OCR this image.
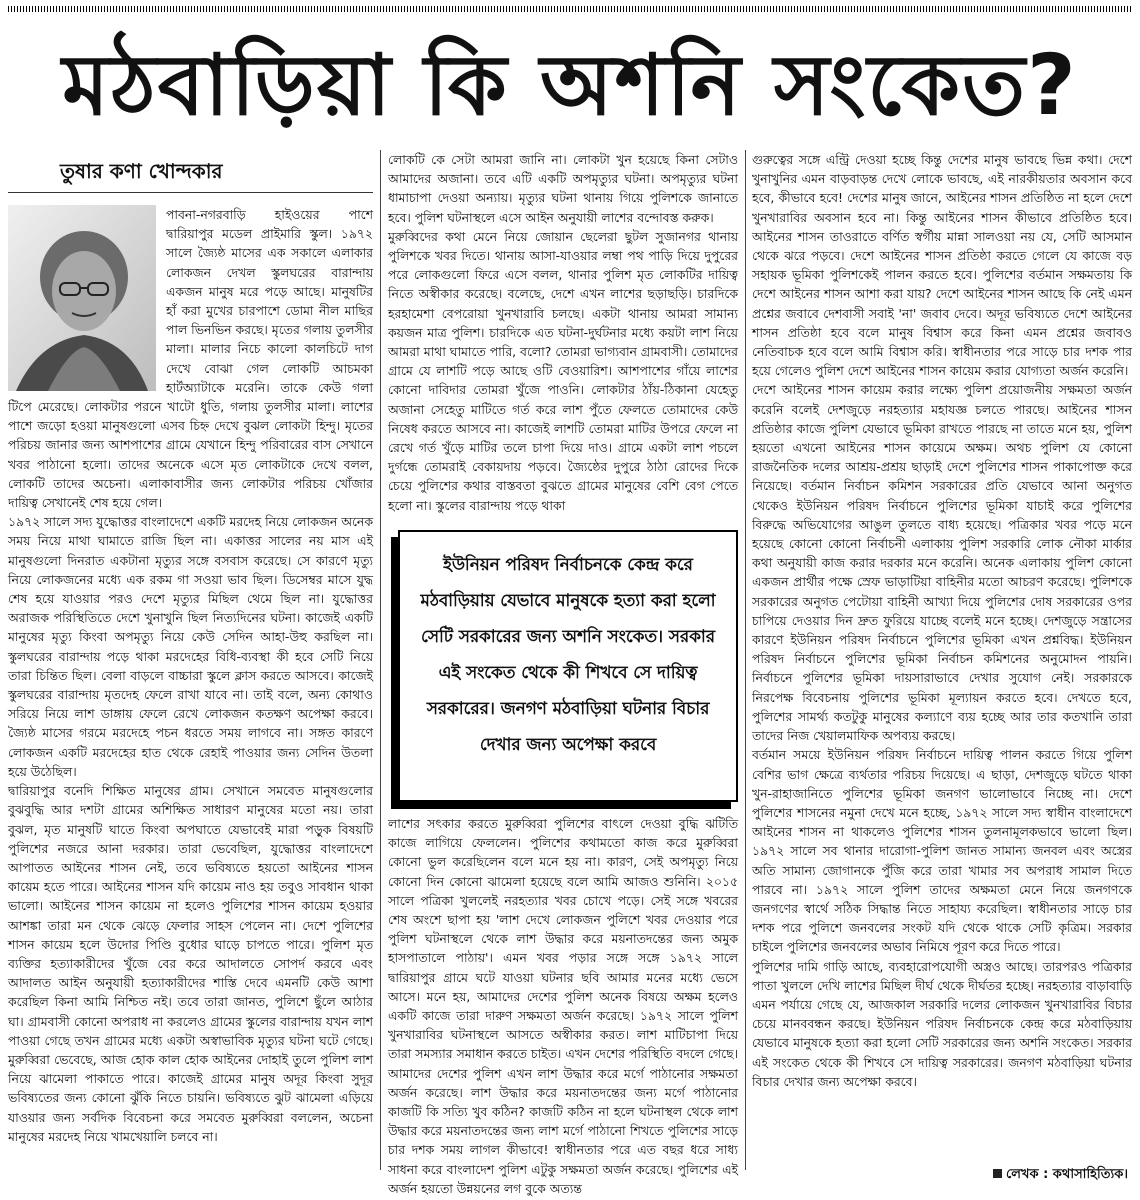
মঠবাড়িয়া কি অশনি সংকেত?
তুষার কণা খোন্দকার

পাবনা-নগরবাড়ি হাইওয়ের পাশে দ্বারিয়াপুর মডেল প্রাইমারি স্কুল। ১৯৭২ সালে জ্যৈষ্ঠ মাসের এক সকালে এলাকার লোকজন দেখল স্কুলঘরের বারান্দায় একজন মানুষ মরে পড়ে আছে। মানুষটির হাঁ করা মুখের চারপাশে ডোমা নীল মাছির পাল ভিনভিন করছে। মৃতের গলায় তুলসীর মালা। মালার নিচে কালো কালচিটে দাগ দেখে বোঝা গেল লোকটি আচমকা হার্টঅ্যাটাকে মরেনি। তাকে কেউ গলা টিপে মেরেছে। লোকটার পরনে খাটো ধুতি, গলায় তুলসীর মালা। লাশের পাশে জড়ো হওয়া মানুষগুলো এসব চিহ্ন দেখে বুঝল লোকটা হিন্দু। মৃতের পরিচয় জানার জন্য আশপাশের গ্রামে যেখানে হিন্দু পরিবারের বাস সেখানে খবর পাঠানো হলো। তাদের অনেকে এসে মৃত লোকটাকে দেখে বলল, লোকটি তাদের অচেনা। এলাকাবাসীর জন্য লোকটার পরিচয় খোঁজার দায়িত্ব সেখানেই শেষ হয়ে গেল।

১৯৭২ সালে সদ্য যুদ্ধোত্তর বাংলাদেশে একটি মরদেহ নিয়ে লোকজন অনেক সময় নিয়ে মাথা ঘামাতে রাজি ছিল না। একাত্তর সালের নয় মাস এই মানুষগুলো দিনরাত একটানা মৃত্যুর সঙ্গে বসবাস করেছে। সে কারণে মৃত্যু নিয়ে লোকজনের মধ্যে এক রকম গা সওয়া ভাব ছিল। ডিসেম্বর মাসে যুদ্ধ শেষ হয়ে যাওয়ার পরও দেশে মৃত্যুর মিছিল থেমে ছিল না। যুদ্ধোত্তর অরাজক পরিস্থিতিতে দেশে খুনাখুনি ছিল নিত্যদিনের ঘটনা। কাজেই একটি মানুষের মৃত্যু কিংবা অপমৃত্যু নিয়ে কেউ সেদিন আহা-উহু করছিল না। স্কুলঘরের বারান্দায় পড়ে থাকা মরদেহের বিধি-ব্যবস্থা কী হবে সেটি নিয়ে তারা চিন্তিত ছিল। বেলা বাড়লে বাচ্চারা স্কুলে ক্লাস করতে আসবে। কাজেই স্কুলঘরের বারান্দায় মৃতদেহ ফেলে রাখা যাবে না। তাই বলে, অন্য কোথাও সরিয়ে নিয়ে লাশ ডাঙ্গায় ফেলে রেখে লোকজন কতক্ষণ অপেক্ষা করবে। জ্যৈষ্ঠ মাসের গরমে মরদেহে পচন ধরতে সময় লাগবে না। সঙ্গত কারণে লোকজন একটি মরদেহের হাত থেকে রেহাই পাওয়ার জন্য সেদিন উতলা হয়ে উঠেছিল।

দ্বারিয়াপুর বনেদি শিক্ষিত মানুষের গ্রাম। সেখানে সমবেত মানুষগুলোর বুঝবুদ্ধি আর দশটা গ্রামের অশিক্ষিত সাধারণ মানুষের মতো নয়। তারা বুঝল, মৃত মানুষটি ঘাতে কিংবা অপঘাতে যেভাবেই মারা পড়ুক বিষয়টি পুলিশের নজরে আনা দরকার। তারা ভেবেছিল, যুদ্ধোত্তর বাংলাদেশে আপাতত আইনের শাসন নেই, তবে ভবিষ্যতে হয়তো আইনের শাসন কায়েম হতে পারে। আইনের শাসন যদি কায়েম নাও হয় তবুও সাবধান থাকা ভালো। আইনের শাসন কায়েম না হলেও পুলিশের শাসন কায়েম হওয়ার আশঙ্কা তারা মন থেকে ঝেড়ে ফেলার সাহস পেলেন না। দেশে পুলিশের শাসন কায়েম হলে উদোর পিণ্ডি বুধোর ঘাড়ে চাপতে পারে। পুলিশ মৃত ব্যক্তির হত্যাকারীদের খুঁজে বের করে আদালতে সোপর্দ করবে এবং আদালত আইন অনুযায়ী হত্যাকারীদের শাস্তি দেবে এমনটি কেউ আশা করেছিল কিনা আমি নিশ্চিত নই। তবে তারা জানত, পুলিশে ছুঁলে আঠার ঘা। গ্রামবাসী কোনো অপরাধ না করলেও গ্রামের স্কুলের বারান্দায় যখন লাশ পাওয়া গেছে তখন গ্রামের মধ্যে একটা অস্বাভাবিক মৃত্যুর ঘটনা ঘটে গেছে। মুরুব্বিরা ভেবেছে, আজ হোক কাল হোক আইনের দোহাই তুলে পুলিশ লাশ নিয়ে ঝামেলা পাকাতে পারে। কাজেই গ্রামের মানুষ অদূর কিংবা সুদূর ভবিষ্যতের জন্য কোনো ঝুঁকি নিতে চায়নি। ভবিষ্যতে ঝুট ঝামেলা এড়িয়ে যাওয়ার জন্য সর্বদিক বিবেচনা করে সমবেত মুরুব্বিরা বললেন, অচেনা মানুষের মরদেহ নিয়ে খামখেয়ালি চলবে না।

লোকটি কে সেটা আমরা জানি না। লোকটা খুন হয়েছে কিনা সেটাও আমাদের অজানা। তবে এটি একটি অপমৃত্যুর ঘটনা। অপমৃত্যুর ঘটনা ধামাচাপা দেওয়া অন্যায়। মৃত্যুর ঘটনা থানায় গিয়ে পুলিশকে জানাতে হবে। পুলিশ ঘটনাস্থলে এসে আইন অনুযায়ী লাশের বন্দোবস্ত করুক।

মুরুব্বিদের কথা মেনে নিয়ে জোয়ান ছেলেরা ছুটল সুজানগর থানায় পুলিশকে খবর দিতে। থানায় আসা-যাওয়ার লম্বা পথ পাড়ি দিয়ে দুপুরের পরে লোকগুলো ফিরে এসে বলল, থানার পুলিশ মৃত লোকটির দায়িত্ব নিতে অস্বীকার করেছে। বলেছে, দেশে এখন লাশের ছড়াছড়ি। চারদিকে হরহামেশা বেপরোয়া খুনখারাবি চলছে। একটা থানায় আমরা সামান্য কয়জন মাত্র পুলিশ। চারদিকে এত ঘটনা-দুর্ঘটনার মধ্যে কয়টা লাশ নিয়ে আমরা মাথা ঘামাতে পারি, বলো? তোমরা ভাগ্যবান গ্রামবাসী। তোমাদের গ্রামে যে লাশটি পড়ে আছে ওটি বেওয়ারিশ। আশপাশের গাঁয়ে লাশের কোনো দাবিদার তোমরা খুঁজে পাওনি। লোকটার ঠাঁয়-ঠিকানা যেহেতু অজানা সেহেতু মাটিতে গর্ত করে লাশ পুঁতে ফেলতে তোমাদের কেউ নিষেধ করতে আসবে না। কাজেই লাশটি তোমরা মাটির উপরে ফেলে না রেখে গর্ত খুঁড়ে মাটির তলে চাপা দিয়ে দাও। গ্রামে একটা লাশ পচলে দুর্গন্ধে তোমরাই বেকায়দায় পড়বে। জ্যৈষ্ঠের দুপুরে ঠাঠা রোদের দিকে চেয়ে পুলিশের কথার বাস্তবতা বুঝতে গ্রামের মানুষের বেশি বেগ পেতে হলো না। স্কুলের বারান্দায় পড়ে থাকা

লাশের সৎকার করতে মুরুব্বিরা পুলিশের বাৎলে দেওয়া বুদ্ধি ঝটিতি কাজে লাগিয়ে ফেললেন। পুলিশের কথামতো কাজ করে মুরুব্বিরা কোনো ভুল করেছিলেন বলে মনে হয় না। কারণ, সেই অপমৃত্যু নিয়ে কোনো দিন কোনো ঝামেলা হয়েছে বলে আমি আজও শুনিনি। ২০১৫ সালে পত্রিকা খুললেই নরহত্যার খবর চোখে পড়ে। সেই সঙ্গে খবরের শেষ অংশে ছাপা হয় 'লাশ দেখে লোকজন পুলিশে খবর দেওয়ার পরে পুলিশ ঘটনাস্থলে থেকে লাশ উদ্ধার করে ময়নাতদন্তের জন্য অমুক হাসপাতালে পাঠায়'। এমন খবর পড়ার সঙ্গে সঙ্গে ১৯৭২ সালে দ্বারিয়াপুর গ্রামে ঘটে যাওয়া ঘটনার ছবি আমার মনের মধ্যে ভেসে আসে। মনে হয়, আমাদের দেশের পুলিশ অনেক বিষয়ে অক্ষম হলেও একটি কাজে তারা দারুণ সক্ষমতা অর্জন করেছে। ১৯৭২ সালে পুলিশ খুনখারাবির ঘটনাস্থলে আসতে অস্বীকার করত। লাশ মাটিচাপা দিয়ে তারা সমস্যার সমাধান করতে চাইত। এখন দেশের পরিস্থিতি বদলে গেছে। আমাদের দেশের পুলিশ এখন লাশ উদ্ধার করে মর্গে পাঠানোর সক্ষমতা অর্জন করেছে। লাশ উদ্ধার করে ময়নাতদন্তের জন্য মর্গে পাঠানোর কাজটি কি সত্যি খুব কঠিন? কাজটি কঠিন না হলে ঘটনাস্থল থেকে লাশ উদ্ধার করে ময়নাতদন্তের জন্য লাশ মর্গে পাঠানো শিখতে পুলিশের সাড়ে চার দশক সময় লাগল কীভাবে! স্বাধীনতার পরে এত বছর ধরে সাধ্য সাধনা করে বাংলাদেশ পুলিশ এটুকু সক্ষমতা অর্জন করেছে। পুলিশের এই অর্জন হয়তো উন্নয়নের লগ বুকে অত্যন্ত

ইউনিয়ন পরিষদ নির্বাচনকে কেন্দ্র করে মঠবাড়িয়ায় যেভাবে মানুষকে হত্যা করা হলো সেটি সরকারের জন্য অশনি সংকেত। সরকার এই সংকেত থেকে কী শিখবে সে দায়িত্ব সরকারের। জনগণ মঠবাড়িয়া ঘটনার বিচার দেখার জন্য অপেক্ষা করবে

গুরুত্বের সঙ্গে এন্ট্রি দেওয়া হচ্ছে কিন্তু দেশের মানুষ ভাবছে ভিন্ন কথা। দেশে খুনাখুনির এমন বাড়বাড়ন্ত দেখে লোকে ভাবছে, এই নারকীয়তার অবসান কবে হবে, কীভাবে হবে! দেশের মানুষ জানে, আইনের শাসন প্রতিষ্ঠিত না হলে দেশে খুনখারাবির অবসান হবে না। কিন্তু আইনের শাসন কীভাবে প্রতিষ্ঠিত হবে। আইনের শাসন তাওরাতে বর্ণিত স্বর্গীয় মান্না সালওয়া নয় যে, সেটি আসমান থেকে ঝরে পড়বে। দেশে আইনের শাসন প্রতিষ্ঠা করতে গেলে যে কাজে বড় সহায়ক ভূমিকা পুলিশকেই পালন করতে হবে। পুলিশের বর্তমান সক্ষমতায় কি দেশে আইনের শাসন আশা করা যায়? দেশে আইনের শাসন আছে কি নেই এমন প্রশ্নের জবাবে দেশবাসী সবাই 'না' জবাব দেবে। অদূর ভবিষ্যতে দেশে আইনের শাসন প্রতিষ্ঠা হবে বলে মানুষ বিশ্বাস করে কিনা এমন প্রশ্নের জবাবও নেতিবাচক হবে বলে আমি বিশ্বাস করি। স্বাধীনতার পরে সাড়ে চার দশক পার হয়ে গেলেও পুলিশ দেশে আইনের শাসন কায়েম করার যোগ্যতা অর্জন করেনি।

দেশে আইনের শাসন কায়েম করার লক্ষ্যে পুলিশ প্রয়োজনীয় সক্ষমতা অর্জন করেনি বলেই দেশজুড়ে নরহত্যার মহাযজ্ঞ চলতে পারছে। আইনের শাসন প্রতিষ্ঠার কাজে পুলিশ যেভাবে ভূমিকা রাখতে পারছে না তাতে মনে হয়, পুলিশ হয়তো এখনো আইনের শাসন কায়েমে অক্ষম। অথচ পুলিশ যে কোনো রাজনৈতিক দলের আশ্রয়-প্রশ্রয় ছাড়াই দেশে পুলিশের শাসন পাকাপোক্ত করে নিয়েছে। বর্তমান নির্বাচন কমিশন সরকারের প্রতি যেভাবে আনা অনুগত থেকেও ইউনিয়ন পরিষদ নির্বাচনে পুলিশের ভূমিকা যাচাই করে পুলিশের বিরুদ্ধে অভিযোগের আঙুল তুলতে বাধ্য হয়েছে। পত্রিকার খবর পড়ে মনে হয়েছে কোনো কোনো নির্বাচনী এলাকায় পুলিশ সরকারি লোক নৌকা মার্কার কথা অনুযায়ী কাজ করার দরকার মনে করেনি। অনেক এলাকায় পুলিশ কোনো একজন প্রার্থীর পক্ষে স্রেফ ভাড়াটিয়া বাহিনীর মতো আচরণ করেছে। পুলিশকে সরকারের অনুগত পেটোয়া বাহিনী আখ্যা দিয়ে পুলিশের দোষ সরকারের ওপর চাপিয়ে দেওয়ার দিন দ্রুত ফুরিয়ে যাচ্ছে বলেই মনে হচ্ছে। দেশজুড়ে সন্ত্রাসের কারণে ইউনিয়ন পরিষদ নির্বাচনে পুলিশের ভূমিকা এখন প্রশ্নবিদ্ধ। ইউনিয়ন পরিষদ নির্বাচনে পুলিশের ভূমিকা নির্বাচন কমিশনের অনুমোদন পায়নি। নির্বাচনে পুলিশের ভূমিকা দায়সারাভাবে দেখার সুযোগ নেই। সরকারকে নিরপেক্ষ বিবেচনায় পুলিশের ভূমিকা মূল্যায়ন করতে হবে। দেখতে হবে, পুলিশের সামর্থ্য কতটুকু মানুষের কল্যাণে ব্যয় হচ্ছে আর তার কতখানি তারা তাদের নিজ খেয়ালমাফিক অপব্যয় করছে।

বর্তমান সময়ে ইউনিয়ন পরিষদ নির্বাচনে দায়িত্ব পালন করতে গিয়ে পুলিশ বেশির ভাগ ক্ষেত্রে ব্যর্থতার পরিচয় দিয়েছে। এ ছাড়া, দেশজুড়ে ঘটতে থাকা খুন-রাহাজানিতে পুলিশের ভূমিকা জনগণ ভালোভাবে নিচ্ছে না। দেশে পুলিশের শাসনের নমুনা দেখে মনে হচ্ছে, ১৯৭২ সালে সদ্য স্বাধীন বাংলাদেশে আইনের শাসন না থাকলেও পুলিশের শাসন তুলনামূলকভাবে ভালো ছিল। ১৯৭২ সালে সব থানার দারোগা-পুলিশ জানত সামান্য জনবল এবং অস্ত্রের অতি সামান্য জোগানকে পুঁজি করে তারা খামার সব অপরাধ সামাল দিতে পারবে না। ১৯৭২ সালে পুলিশ তাদের অক্ষমতা মেনে নিয়ে জনগণকে জনগণের স্বার্থে সঠিক সিদ্ধান্ত নিতে সাহায্য করেছিল। স্বাধীনতার সাড়ে চার দশক পরে পুলিশে জনবলের সংকট যদি থেকে থাকে সেটি কৃত্রিম। সরকার চাইলে পুলিশের জনবলের অভাব নিমিষে পূরণ করে দিতে পারে।

পুলিশের দামি গাড়ি আছে, ব্যবহারোপযোগী অস্ত্রও আছে। তারপরও পত্রিকার পাতা খুললে দেখি লাশের মিছিল দীর্ঘ থেকে দীর্ঘতর হচ্ছে। নরহত্যার বাড়াবাড়ি এমন পর্যায়ে গেছে যে, আজকাল সরকারি দলের লোকজন খুনখারাবির বিচার চেয়ে মানববন্ধন করছে। ইউনিয়ন পরিষদ নির্বাচনকে কেন্দ্র করে মঠবাড়িয়ায় যেভাবে মানুষকে হত্যা করা হলো সেটি সরকারের জন্য অশনি সংকেত। সরকার এই সংকেত থেকে কী শিখবে সে দায়িত্ব সরকারের। জনগণ মঠবাড়িয়া ঘটনার বিচার দেখার জন্য অপেক্ষা করবে।

লেখক : কথাসাহিত্যিক।
